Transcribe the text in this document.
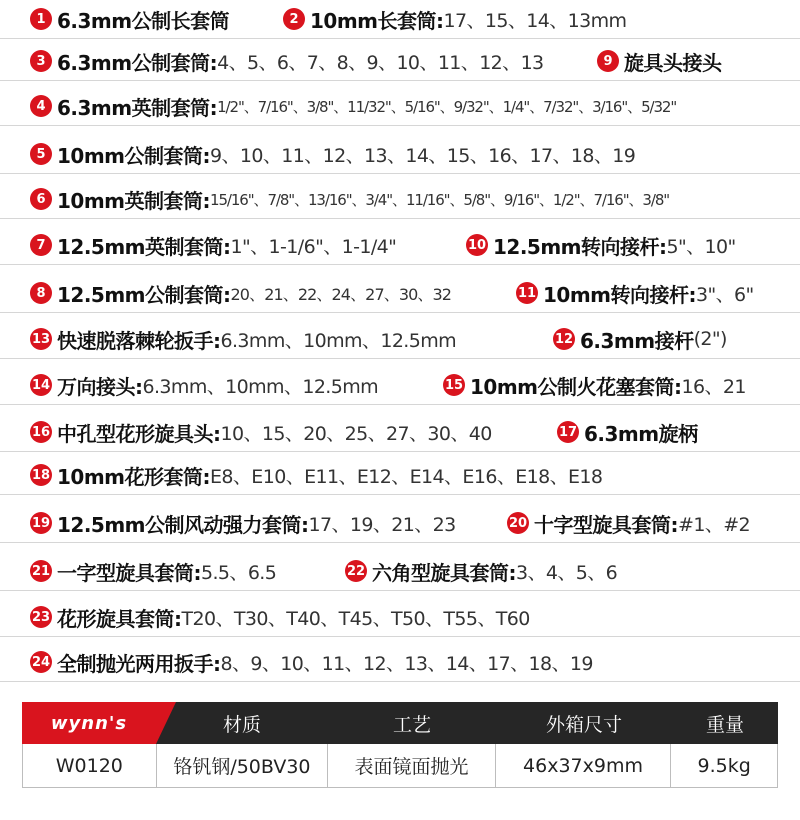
1 6.3mm公制长套筒	2 10mm长套筒: 17、15、14、13mm
3 6.3mm公制套筒: 4、5、6、7、8、9、10、11、12、13	9 旋具头接头
4 6.3mm英制套筒: 1/2"、7/16"、3/8"、11/32"、5/16"、9/32"、1/4"、7/32"、3/16"、5/32"
5 10mm公制套筒: 9、10、11、12、13、14、15、16、17、18、19
6 10mm英制套筒: 15/16"、7/8"、13/16"、3/4"、11/16"、5/8"、9/16"、1/2"、7/16"、3/8"
7 12.5mm英制套筒: 1"、1-1/6"、1-1/4"	10 12.5mm转向接杆: 5"、10"
8 12.5mm公制套筒: 20、21、22、24、27、30、32	11 10mm转向接杆: 3"、6"
13 快速脱落棘轮扳手: 6.3mm、10mm、12.5mm	12 6.3mm接杆 (2")
14 万向接头: 6.3mm、10mm、12.5mm	15 10mm公制火花塞套筒: 16、21
16 中孔型花形旋具头: 10、15、20、25、27、30、40	17 6.3mm旋柄
18 10mm花形套筒: E8、E10、E11、E12、E14、E16、E18、E18
19 12.5mm公制风动强力套筒: 17、19、21、23	20 十字型旋具套筒: #1、#2
21 一字型旋具套筒: 5.5、6.5	22 六角型旋具套筒: 3、4、5、6
23 花形旋具套筒: T20、T30、T40、T45、T50、T55、T60
24 全制抛光两用扳手: 8、9、10、11、12、13、14、17、18、19
wynn's	材质	工艺	外箱尺寸	重量
W0120	铬钒钢/50BV30	表面镜面抛光	46x37x9mm	9.5kg
